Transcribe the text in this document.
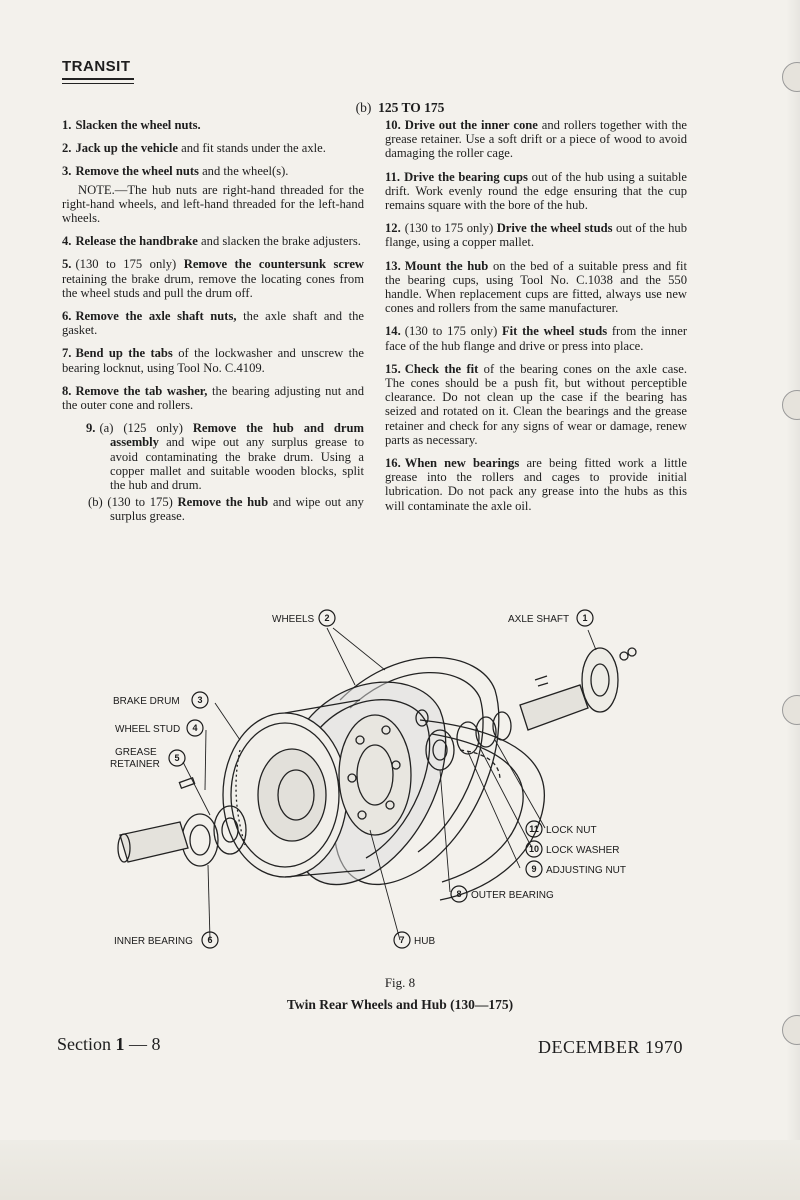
TRANSIT
(b) 125 TO 175

1. Slacken the wheel nuts.

2. Jack up the vehicle and fit stands under the axle.

3. Remove the wheel nuts and the wheel(s).

NOTE.—The hub nuts are right-hand threaded for the right-hand wheels, and left-hand threaded for the left-hand wheels.

4. Release the handbrake and slacken the brake adjusters.

5. (130 to 175 only) Remove the countersunk screw retaining the brake drum, remove the locating cones from the wheel studs and pull the drum off.

6. Remove the axle shaft nuts, the axle shaft and the gasket.

7. Bend up the tabs of the lockwasher and unscrew the bearing locknut, using Tool No. C.4109.

8. Remove the tab washer, the bearing adjusting nut and the outer cone and rollers.

9. (a) (125 only) Remove the hub and drum assembly and wipe out any surplus grease to avoid contaminating the brake drum. Using a copper mallet and suitable wooden blocks, split the hub and drum.

(b) (130 to 175) Remove the hub and wipe out any surplus grease.

10. Drive out the inner cone and rollers together with the grease retainer. Use a soft drift or a piece of wood to avoid damaging the roller cage.

11. Drive the bearing cups out of the hub using a suitable drift. Work evenly round the edge ensuring that the cup remains square with the bore of the hub.

12. (130 to 175 only) Drive the wheel studs out of the hub flange, using a copper mallet.

13. Mount the hub on the bed of a suitable press and fit the bearing cups, using Tool No. C.1038 and the 550 handle. When replacement cups are fitted, always use new cones and rollers from the same manufacturer.

14. (130 to 175 only) Fit the wheel studs from the inner face of the hub flange and drive or press into place.

15. Check the fit of the bearing cones on the axle case. The cones should be a push fit, but without perceptible clearance. Do not clean up the case if the bearing has seized and rotated on it. Clean the bearings and the grease retainer and check for any signs of wear or damage, renew parts as necessary.

16. When new bearings are being fitted work a little grease into the rollers and cages to provide initial lubrication. Do not pack any grease into the hubs as this will contaminate the axle oil.

WHEELS 2	AXLE SHAFT 1
BRAKE DRUM 3
WHEEL STUD 4
GREASE
RETAINER
5
11 LOCK NUT
10 LOCK WASHER
9 ADJUSTING NUT
8 OUTER BEARING
INNER BEARING 6	7 HUB
Fig. 8
Twin Rear Wheels and Hub (130—175)
Section 1 — 8	DECEMBER 1970
